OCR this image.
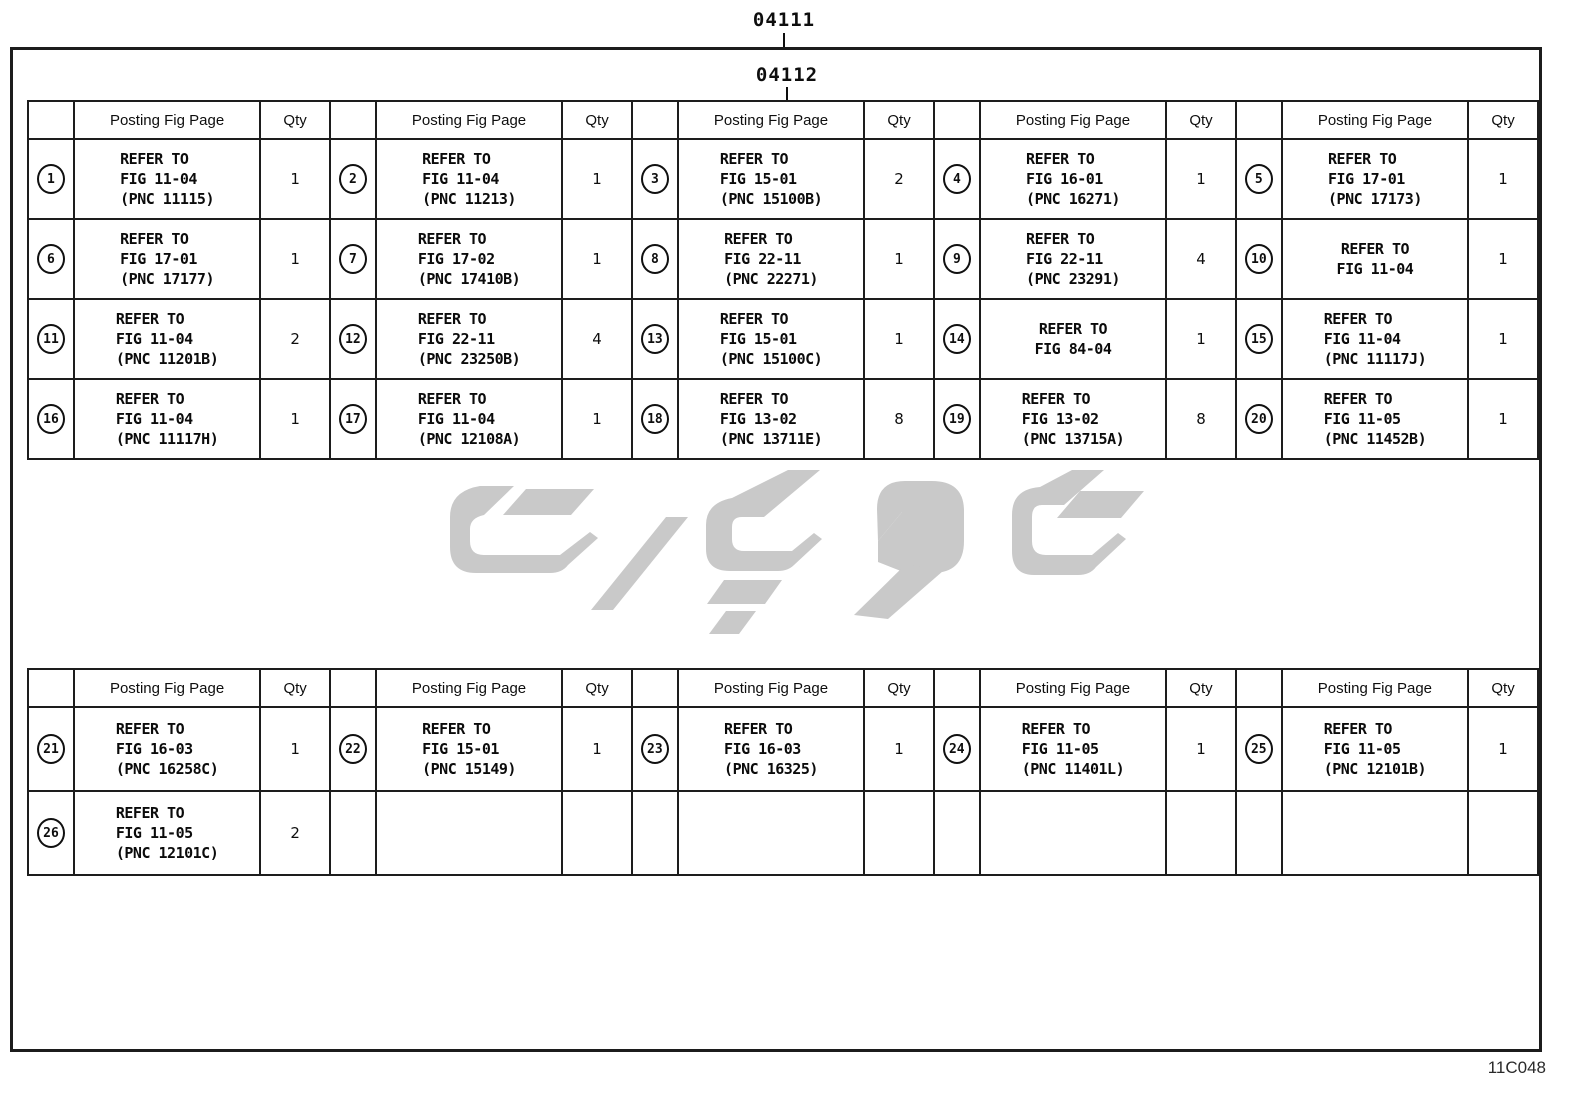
04111
04112
	Posting Fig Page	Qty		Posting Fig Page	Qty		Posting Fig Page	Qty		Posting Fig Page	Qty		Posting Fig Page	Qty
1	
REFER TO
FIG 11-04
(PNC 11115)
	1	2	
REFER TO
FIG 11-04
(PNC 11213)
	1	3	
REFER TO
FIG 15-01
(PNC 15100B)
	2	4	
REFER TO
FIG 16-01
(PNC 16271)
	1	5	
REFER TO
FIG 17-01
(PNC 17173)
	1
6	
REFER TO
FIG 17-01
(PNC 17177)
	1	7	
REFER TO
FIG 17-02
(PNC 17410B)
	1	8	
REFER TO
FIG 22-11
(PNC 22271)
	1	9	
REFER TO
FIG 22-11
(PNC 23291)
	4	10	
REFER TO
FIG 11-04
	1
11	
REFER TO
FIG 11-04
(PNC 11201B)
	2	12	
REFER TO
FIG 22-11
(PNC 23250B)
	4	13	
REFER TO
FIG 15-01
(PNC 15100C)
	1	14	
REFER TO
FIG 84-04
	1	15	
REFER TO
FIG 11-04
(PNC 11117J)
	1
16	
REFER TO
FIG 11-04
(PNC 11117H)
	1	17	
REFER TO
FIG 11-04
(PNC 12108A)
	1	18	
REFER TO
FIG 13-02
(PNC 13711E)
	8	19	
REFER TO
FIG 13-02
(PNC 13715A)
	8	20	
REFER TO
FIG 11-05
(PNC 11452B)
	1
	Posting Fig Page	Qty		Posting Fig Page	Qty		Posting Fig Page	Qty		Posting Fig Page	Qty		Posting Fig Page	Qty
21	
REFER TO
FIG 16-03
(PNC 16258C)
	1	22	
REFER TO
FIG 15-01
(PNC 15149)
	1	23	
REFER TO
FIG 16-03
(PNC 16325)
	1	24	
REFER TO
FIG 11-05
(PNC 11401L)
	1	25	
REFER TO
FIG 11-05
(PNC 12101B)
	1
26	REFER TO
FIG 11-05
(PNC 12101C)	2												
11C048
